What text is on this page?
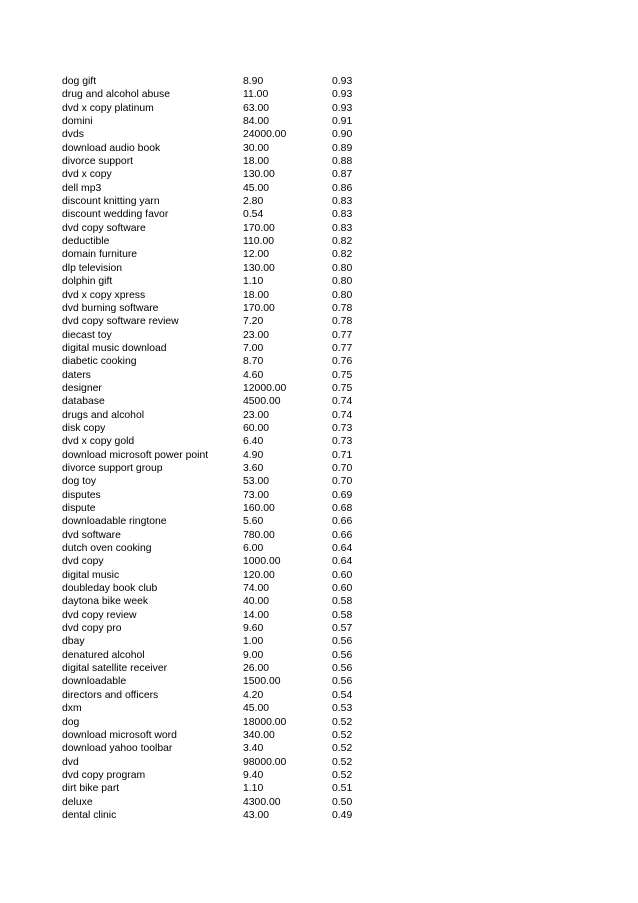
dog gift	8.90	0.93
drug and alcohol abuse	11.00	0.93
dvd x copy platinum	63.00	0.93
domini	84.00	0.91
dvds	24000.00	0.90
download audio book	30.00	0.89
divorce support	18.00	0.88
dvd x copy	130.00	0.87
dell mp3	45.00	0.86
discount knitting yarn	2.80	0.83
discount wedding favor	0.54	0.83
dvd copy software	170.00	0.83
deductible	110.00	0.82
domain furniture	12.00	0.82
dlp television	130.00	0.80
dolphin gift	1.10	0.80
dvd x copy xpress	18.00	0.80
dvd burning software	170.00	0.78
dvd copy software review	7.20	0.78
diecast toy	23.00	0.77
digital music download	7.00	0.77
diabetic cooking	8.70	0.76
daters	4.60	0.75
designer	12000.00	0.75
database	4500.00	0.74
drugs and alcohol	23.00	0.74
disk copy	60.00	0.73
dvd x copy gold	6.40	0.73
download microsoft power point	4.90	0.71
divorce support group	3.60	0.70
dog toy	53.00	0.70
disputes	73.00	0.69
dispute	160.00	0.68
downloadable ringtone	5.60	0.66
dvd software	780.00	0.66
dutch oven cooking	6.00	0.64
dvd copy	1000.00	0.64
digital music	120.00	0.60
doubleday book club	74.00	0.60
daytona bike week	40.00	0.58
dvd copy review	14.00	0.58
dvd copy pro	9.60	0.57
dbay	1.00	0.56
denatured alcohol	9.00	0.56
digital satellite receiver	26.00	0.56
downloadable	1500.00	0.56
directors and officers	4.20	0.54
dxm	45.00	0.53
dog	18000.00	0.52
download microsoft word	340.00	0.52
download yahoo toolbar	3.40	0.52
dvd	98000.00	0.52
dvd copy program	9.40	0.52
dirt bike part	1.10	0.51
deluxe	4300.00	0.50
dental clinic	43.00	0.49
